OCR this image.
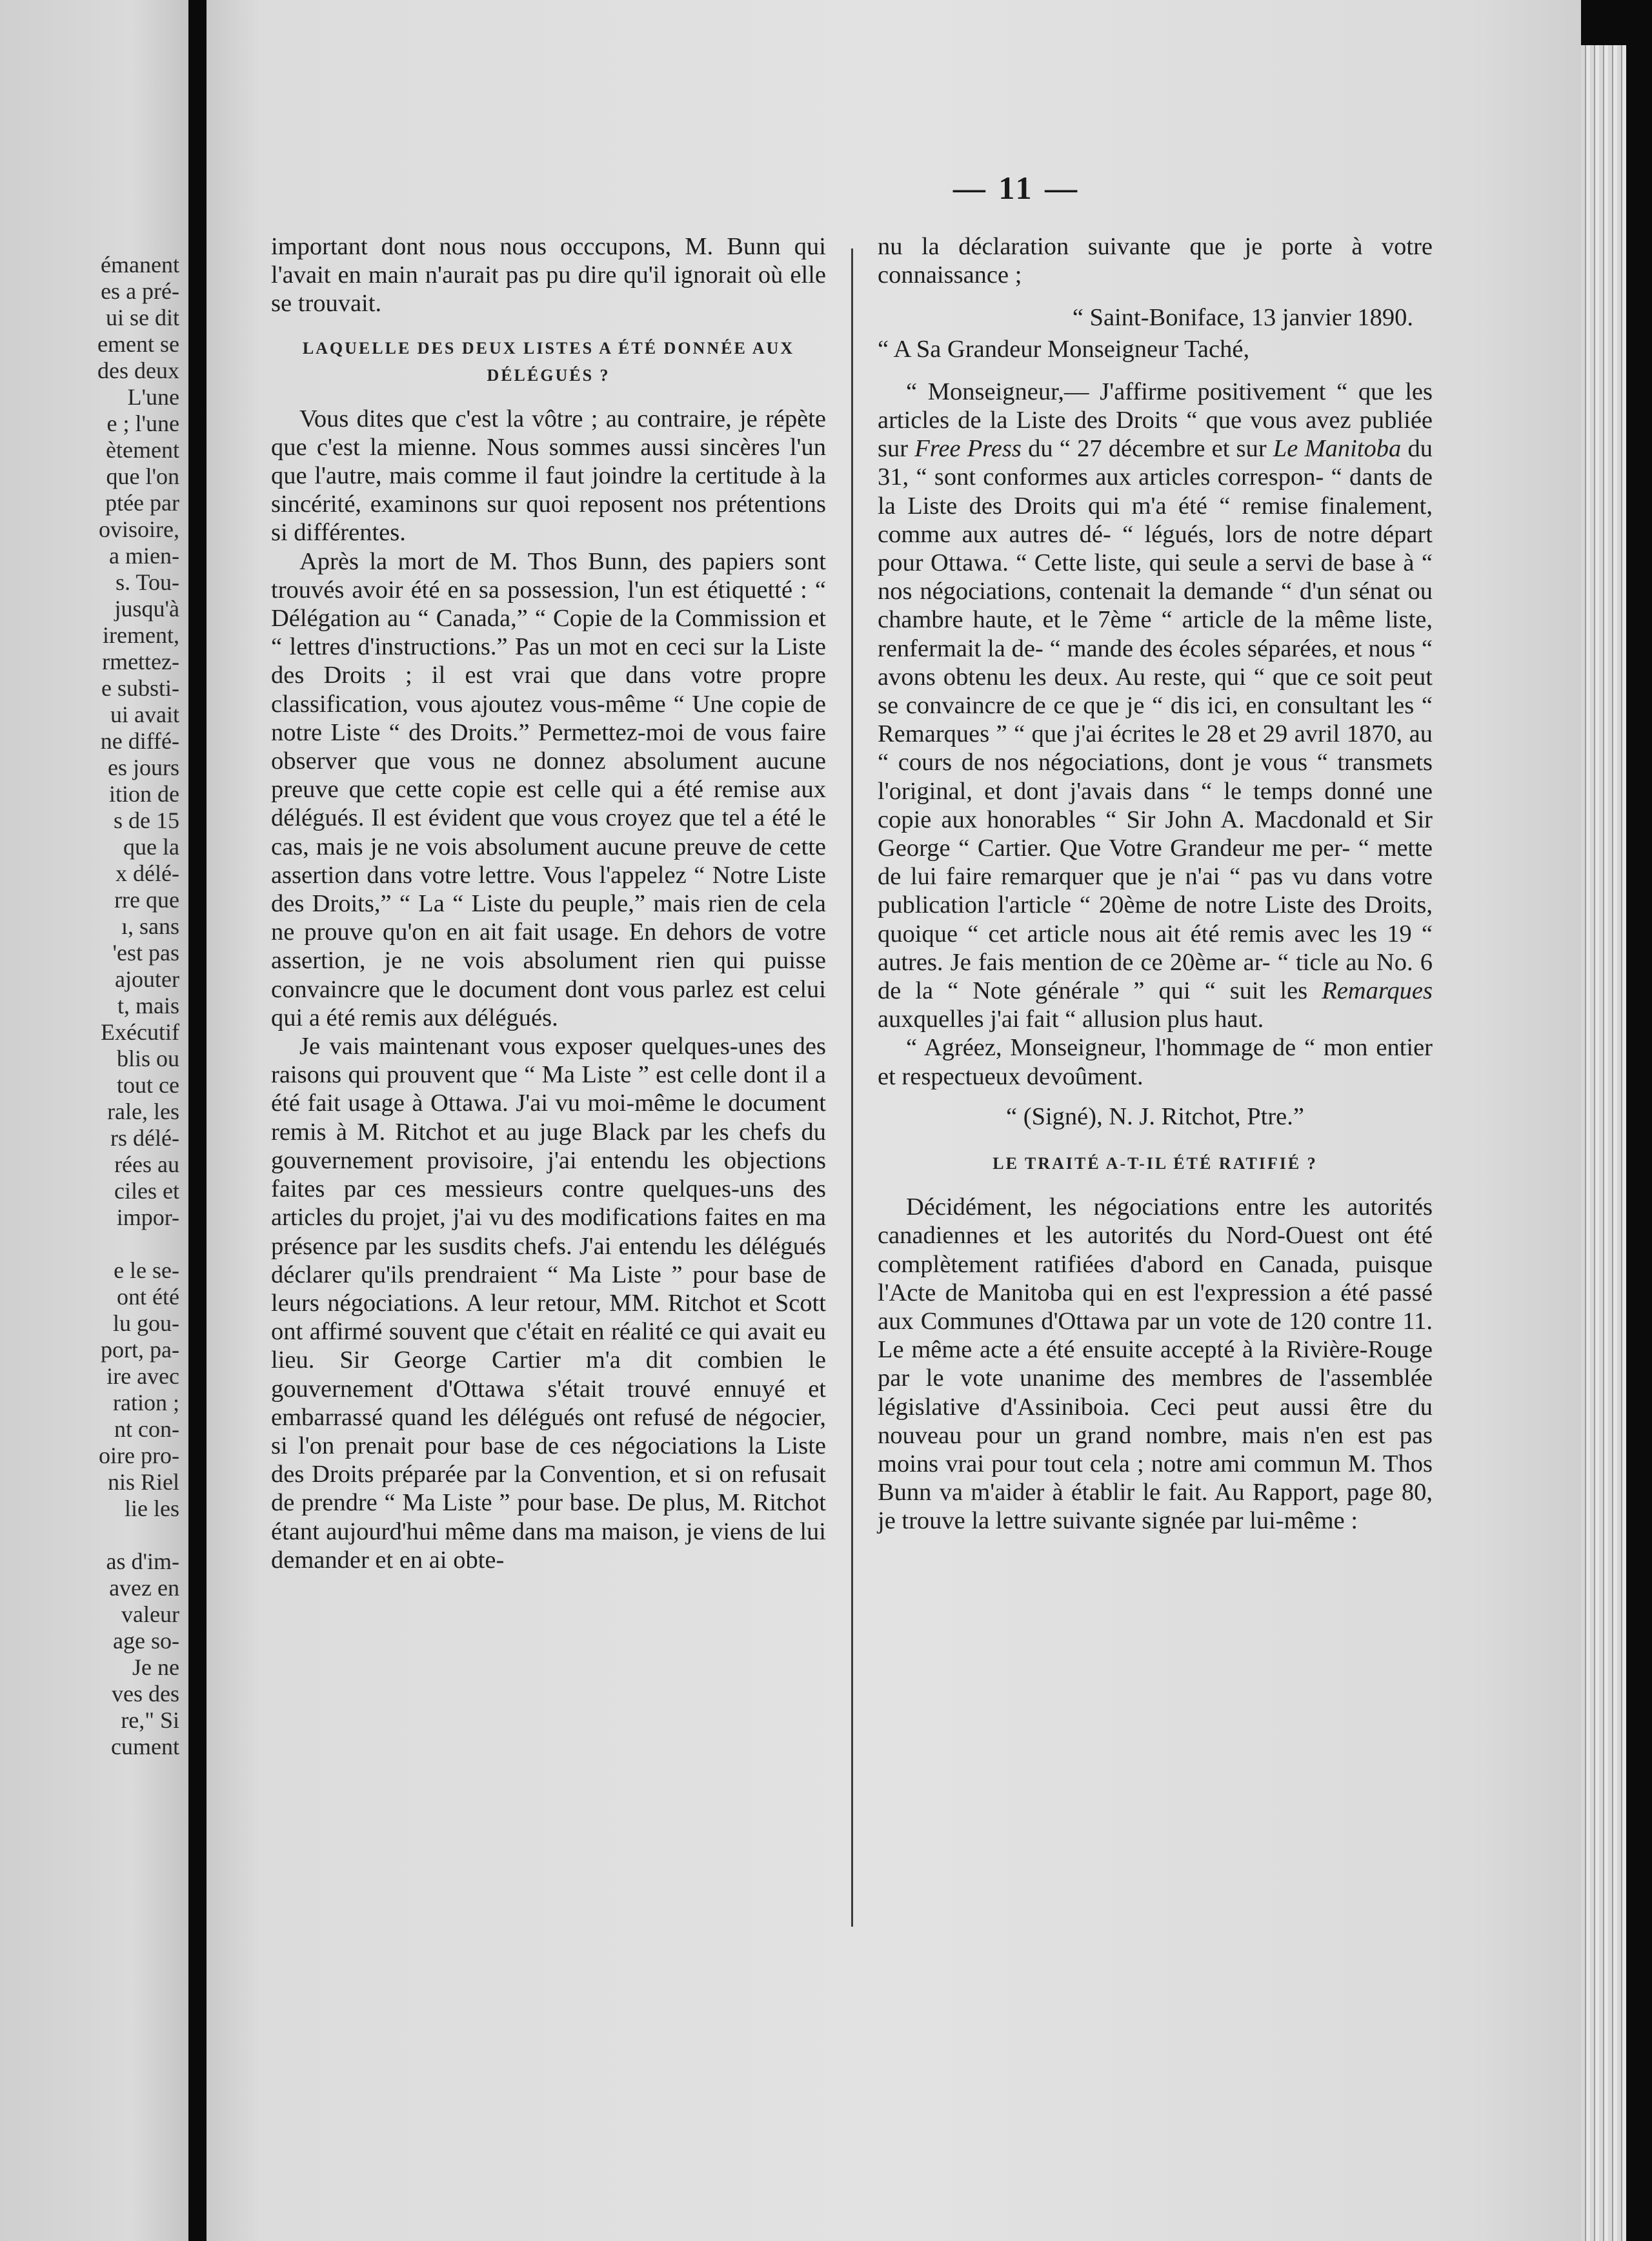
émanent
es a pré-
ui se dit
ement se
des deux
L'une
e ; l'une
ètement
que l'on
ptée par
ovisoire,
a mien-
s. Tou-
jusqu'à
irement,
rmettez-
e substi-
ui avait
ne diffé-
es jours
ition de
s de 15
que la
x délé-
rre que
ı, sans
'est pas
ajouter
t, mais
Exécutif
blis ou
tout ce
rale, les
rs délé-
rées au
ciles et
impor-
e le se-
ont été
lu gou-
port, pa-
ire avec
ration ;
nt con-
oire pro-
nis Riel
lie les
as d'im-
avez en
valeur
age so-
Je ne
ves des
re," Si
cument
— 11 —

important dont nous nous occcupons, M. Bunn qui l'avait en main n'aurait pas pu dire qu'il ignorait où elle se trouvait.

LAQUELLE DES DEUX LISTES A ÉTÉ DONNÉE AUX DÉLÉGUÉS ?

Vous dites que c'est la vôtre ; au contraire, je répète que c'est la mienne. Nous sommes aussi sincères l'un que l'autre, mais comme il faut joindre la certitude à la sincérité, examinons sur quoi reposent nos prétentions si différentes.

Après la mort de M. Thos Bunn, des papiers sont trouvés avoir été en sa possession, l'un est étiquetté : “ Délégation au “ Canada,” “ Copie de la Commission et “ lettres d'instructions.” Pas un mot en ceci sur la Liste des Droits ; il est vrai que dans votre propre classification, vous ajoutez vous-même “ Une copie de notre Liste “ des Droits.” Permettez-moi de vous faire observer que vous ne donnez absolument aucune preuve que cette copie est celle qui a été remise aux délégués. Il est évident que vous croyez que tel a été le cas, mais je ne vois absolument aucune preuve de cette assertion dans votre lettre. Vous l'appelez “ Notre Liste des Droits,” “ La “ Liste du peuple,” mais rien de cela ne prouve qu'on en ait fait usage. En dehors de votre assertion, je ne vois absolument rien qui puisse convaincre que le document dont vous parlez est celui qui a été remis aux délégués.

Je vais maintenant vous exposer quelques-unes des raisons qui prouvent que “ Ma Liste ” est celle dont il a été fait usage à Ottawa. J'ai vu moi-même le document remis à M. Ritchot et au juge Black par les chefs du gouvernement provisoire, j'ai entendu les objections faites par ces messieurs contre quelques-uns des articles du projet, j'ai vu des modifications faites en ma présence par les susdits chefs. J'ai entendu les délégués déclarer qu'ils prendraient “ Ma Liste ” pour base de leurs négociations. A leur retour, MM. Ritchot et Scott ont affirmé souvent que c'était en réalité ce qui avait eu lieu. Sir George Cartier m'a dit combien le gouvernement d'Ottawa s'était trouvé ennuyé et embarrassé quand les délégués ont refusé de négocier, si l'on prenait pour base de ces négociations la Liste des Droits préparée par la Convention, et si on refusait de prendre “ Ma Liste ” pour base. De plus, M. Ritchot étant aujourd'hui même dans ma maison, je viens de lui demander et en ai obte-

nu la déclaration suivante que je porte à votre connaissance ;

“ Saint-Boniface, 13 janvier 1890.

“ A Sa Grandeur Monseigneur Taché,

“ Monseigneur,— J'affirme positivement “ que les articles de la Liste des Droits “ que vous avez publiée sur Free Press du “ 27 décembre et sur Le Manitoba du 31, “ sont conformes aux articles correspon- “ dants de la Liste des Droits qui m'a été “ remise finalement, comme aux autres dé- “ légués, lors de notre départ pour Ottawa. “ Cette liste, qui seule a servi de base à “ nos négociations, contenait la demande “ d'un sénat ou chambre haute, et le 7ème “ article de la même liste, renfermait la de- “ mande des écoles séparées, et nous “ avons obtenu les deux. Au reste, qui “ que ce soit peut se convaincre de ce que je “ dis ici, en consultant les “ Remarques ” “ que j'ai écrites le 28 et 29 avril 1870, au “ cours de nos négociations, dont je vous “ transmets l'original, et dont j'avais dans “ le temps donné une copie aux honorables “ Sir John A. Macdonald et Sir George “ Cartier. Que Votre Grandeur me per- “ mette de lui faire remarquer que je n'ai “ pas vu dans votre publication l'article “ 20ème de notre Liste des Droits, quoique “ cet article nous ait été remis avec les 19 “ autres. Je fais mention de ce 20ème ar- “ ticle au No. 6 de la “ Note générale ” qui “ suit les Remarques auxquelles j'ai fait “ allusion plus haut.

“ Agréez, Monseigneur, l'hommage de “ mon entier et respectueux devoûment.

“ (Signé), N. J. Ritchot, Ptre.”

LE TRAITÉ A-T-IL ÉTÉ RATIFIÉ ?

Décidément, les négociations entre les autorités canadiennes et les autorités du Nord-Ouest ont été complètement ratifiées d'abord en Canada, puisque l'Acte de Manitoba qui en est l'expression a été passé aux Communes d'Ottawa par un vote de 120 contre 11. Le même acte a été ensuite accepté à la Rivière-Rouge par le vote unanime des membres de l'assemblée législative d'Assiniboia. Ceci peut aussi être du nouveau pour un grand nombre, mais n'en est pas moins vrai pour tout cela ; notre ami commun M. Thos Bunn va m'aider à établir le fait. Au Rapport, page 80, je trouve la lettre suivante signée par lui-même :
